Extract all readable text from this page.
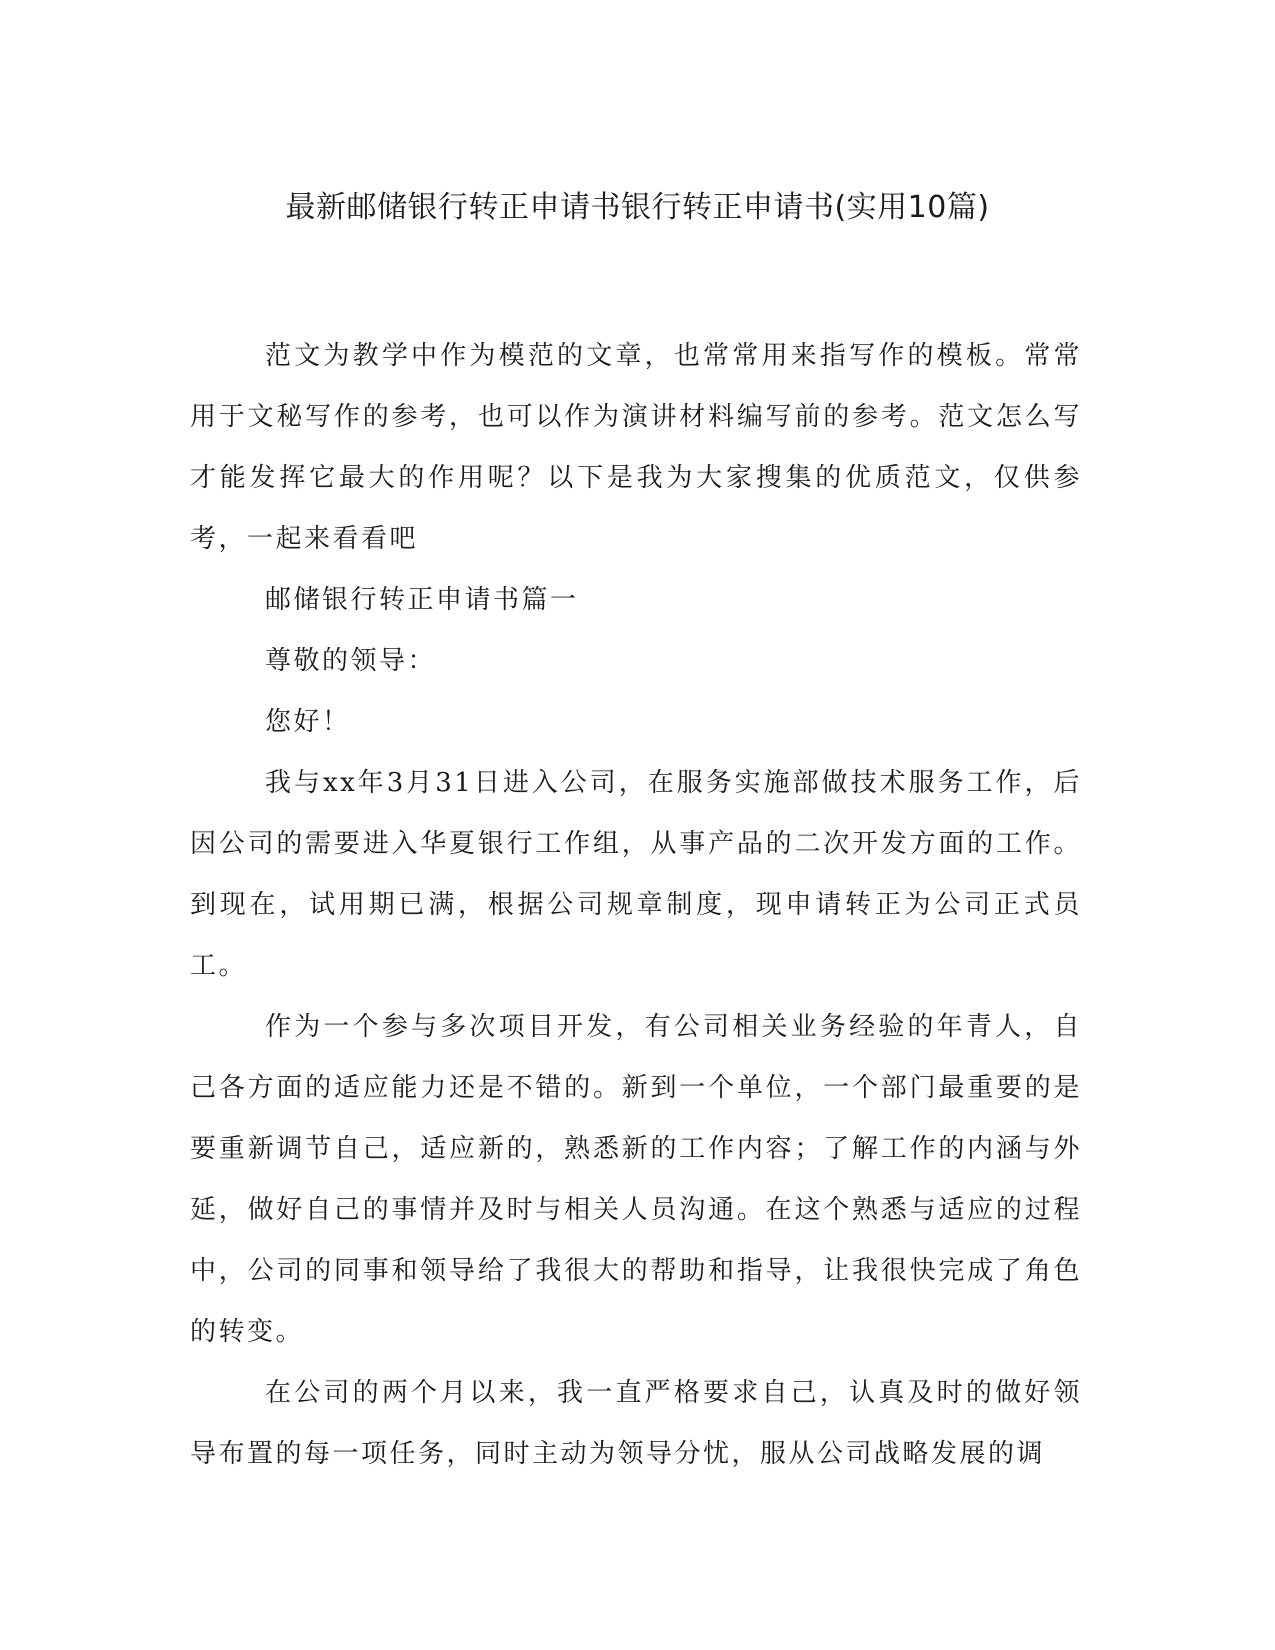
最新邮储银行转正申请书银行转正申请书(实用10篇)

范文为教学中作为模范的文章，也常常用来指写作的模板。常常用于文秘写作的参考，也可以作为演讲材料编写前的参考。范文怎么写才能发挥它最大的作用呢？以下是我为大家搜集的优质范文，仅供参考，一起来看看吧

邮储银行转正申请书篇一

尊敬的领导：

您好！

我与xx年3月31日进入公司，在服务实施部做技术服务工作，后因公司的需要进入华夏银行工作组，从事产品的二次开发方面的工作。到现在，试用期已满，根据公司规章制度，现申请转正为公司正式员工。

作为一个参与多次项目开发，有公司相关业务经验的年青人，自己各方面的适应能力还是不错的。新到一个单位，一个部门最重要的是要重新调节自己，适应新的，熟悉新的工作内容；了解工作的内涵与外延，做好自己的事情并及时与相关人员沟通。在这个熟悉与适应的过程中，公司的同事和领导给了我很大的帮助和指导，让我很快完成了角色的转变。

在公司的两个月以来，我一直严格要求自己，认真及时的做好领导布置的每一项任务，同时主动为领导分忧，服从公司战略发展的调
